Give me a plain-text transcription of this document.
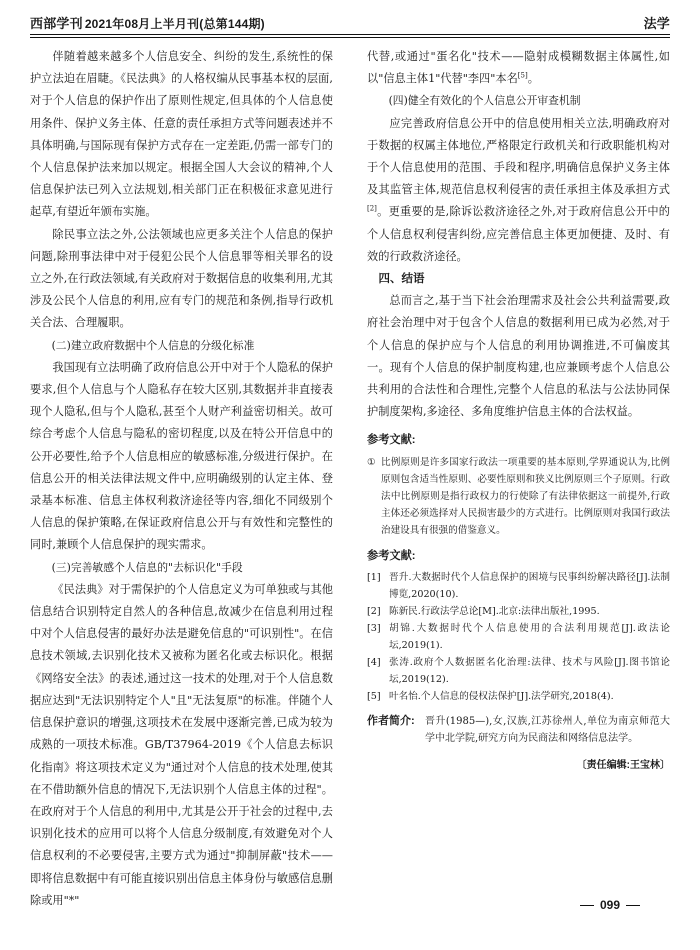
西部学刊 2021年08月上半月刊(总第144期)	法学

伴随着越来越多个人信息安全、纠纷的发生,系统性的保护立法迫在眉睫。《民法典》的人格权编从民事基本权的层面,对于个人信息的保护作出了原则性规定,但具体的个人信息使用条件、保护义务主体、任意的责任承担方式等问题表述并不具体明确,与国际现有保护方式存在一定差距,仍需一部专门的个人信息保护法来加以规定。根据全国人大会议的精神,个人信息保护法已列入立法规划,相关部门正在积极征求意见进行起草,有望近年颁布实施。

除民事立法之外,公法领域也应更多关注个人信息的保护问题,除刑事法律中对于侵犯公民个人信息罪等相关罪名的设立之外,在行政法领域,有关政府对于数据信息的收集利用,尤其涉及公民个人信息的利用,应有专门的规范和条例,指导行政机关合法、合理履职。

(二)建立政府数据中个人信息的分级化标准

我国现有立法明确了政府信息公开中对于个人隐私的保护要求,但个人信息与个人隐私存在较大区别,其数据并非直接表现个人隐私,但与个人隐私,甚至个人财产利益密切相关。故可综合考虑个人信息与隐私的密切程度,以及在特公开信息中的公开必要性,给予个人信息相应的敏感标准,分级进行保护。在信息公开的相关法律法规文件中,应明确级别的认定主体、登录基本标准、信息主体权利救济途径等内容,细化不同级别个人信息的保护策略,在保证政府信息公开与有效性和完整性的同时,兼顾个人信息保护的现实需求。

(三)完善敏感个人信息的"去标识化"手段

《民法典》对于需保护的个人信息定义为可单独或与其他信息结合识别特定自然人的各种信息,故减少在信息利用过程中对个人信息侵害的最好办法是避免信息的"可识别性"。在信息技术领域,去识别化技术又被称为匿名化或去标识化。根据《网络安全法》的表述,通过这一技术的处理,对于个人信息数据应达到"无法识别特定个人"且"无法复原"的标准。伴随个人信息保护意识的增强,这项技术在发展中逐渐完善,已成为较为成熟的一项技术标准。GB/T37964-2019《个人信息去标识化指南》将这项技术定义为"通过对个人信息的技术处理,使其在不借助额外信息的情况下,无法识别个人信息主体的过程"。在政府对于个人信息的利用中,尤其是公开于社会的过程中,去识别化技术的应用可以将个人信息分级制度,有效避免对个人信息权利的不必要侵害,主要方式为通过"抑制屏蔽"技术——即将信息数据中有可能直接识别出信息主体身份与敏感信息删除或用"*"

代替,或通过"蛋名化"技术——隐射成模糊数据主体属性,如以"信息主体1"代替"李四"本名[5]。

(四)健全有效化的个人信息公开审查机制

应完善政府信息公开中的信息使用相关立法,明确政府对于数据的权属主体地位,严格限定行政机关和行政职能机构对于个人信息使用的范围、手段和程序,明确信息保护义务主体及其监管主体,规范信息权利侵害的责任承担主体及承担方式[2]。更重要的是,除诉讼救济途径之外,对于政府信息公开中的个人信息权利侵害纠纷,应完善信息主体更加便捷、及时、有效的行政救济途径。

四、结语

总而言之,基于当下社会治理需求及社会公共利益需要,政府社会治理中对于包含个人信息的数据利用已成为必然,对于个人信息的保护应与个人信息的利用协调推进,不可偏废其一。现有个人信息的保护制度构建,也应兼顾考虑个人信息公共利用的合法性和合理性,完整个人信息的私法与公法协同保护制度架构,多途径、多角度维护信息主体的合法权益。

参考文献:

① 比例原则是许多国家行政法一项重要的基本原则,学界通说认为,比例原则包含适当性原则、必要性原则和狭义比例原则三个子原则。行政法中比例原则是指行政权力的行使除了有法律依据这一前提外,行政主体还必须选择对人民损害最少的方式进行。比例原则对我国行政法治建设具有很强的借鉴意义。

参考文献:
[1] 晋升.大数据时代个人信息保护的困境与民事纠纷解决路径[J].法制博览,2020(10).
[2] 陈新民.行政法学总论[M].北京:法律出版社,1995.
[3] 胡锦.大数据时代个人信息使用的合法利用规范[J].政法论坛,2019(1).
[4] 张涛.政府个人数据匿名化治理:法律、技术与风险[J].图书馆论坛,2019(12).
[5] 叶名怡.个人信息的侵权法保护[J].法学研究,2018(4).
作者简介:	晋升(1985—),女,汉族,江苏徐州人,单位为南京师范大学中北学院,研究方向为民商法和网络信息法学。
〔责任编辑:王宝林〕
099
